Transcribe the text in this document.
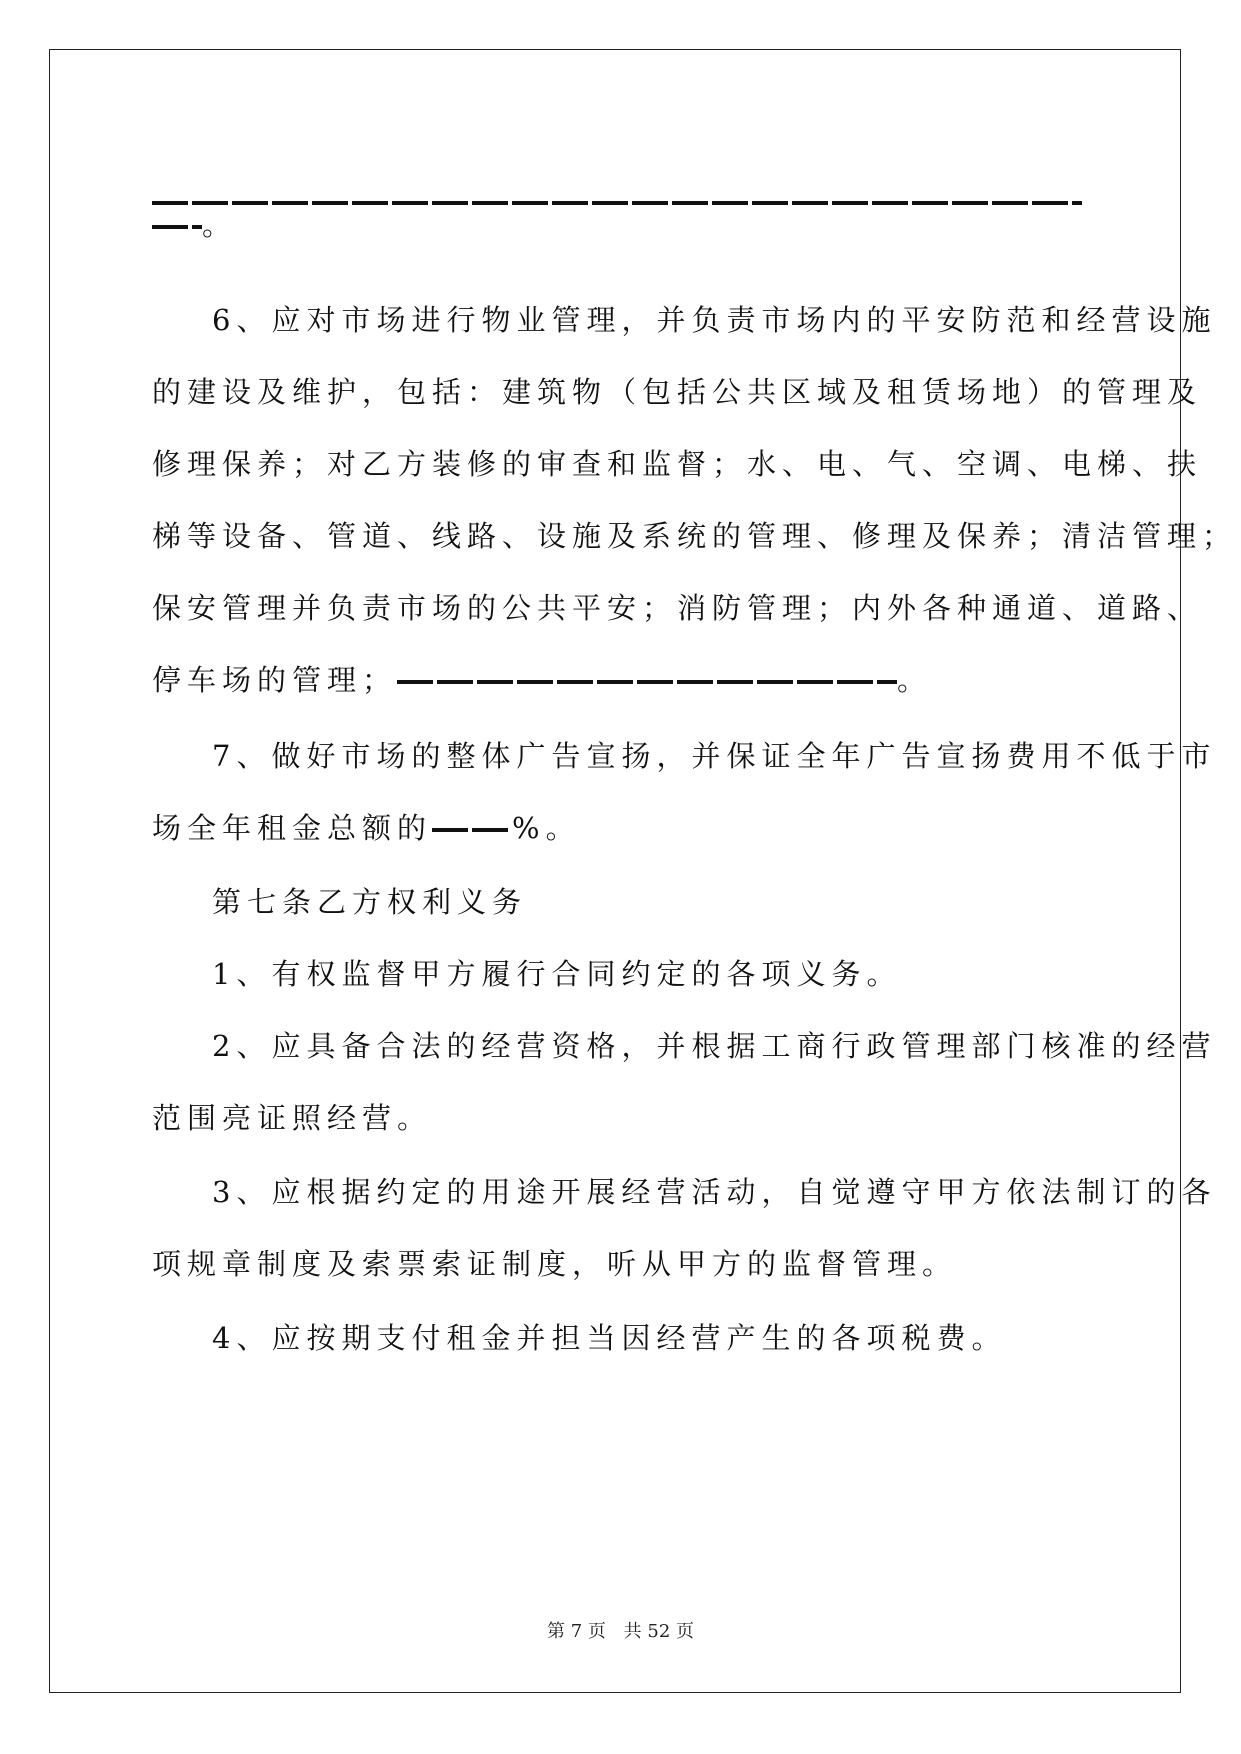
。
6、应对市场进行物业管理，并负责市场内的平安防范和经营设施
的建设及维护，包括：建筑物（包括公共区域及租赁场地）的管理及
修理保养；对乙方装修的审查和监督；水、电、气、空调、电梯、扶
梯等设备、管道、线路、设施及系统的管理、修理及保养；清洁管理；
保安管理并负责市场的公共平安；消防管理；内外各种通道、道路、
停车场的管理；	。
7、做好市场的整体广告宣扬，并保证全年广告宣扬费用不低于市
场全年租金总额的	%。
第七条乙方权利义务
1、有权监督甲方履行合同约定的各项义务。
2、应具备合法的经营资格，并根据工商行政管理部门核准的经营
范围亮证照经营。
3、应根据约定的用途开展经营活动，自觉遵守甲方依法制订的各
项规章制度及索票索证制度，听从甲方的监督管理。
4、应按期支付租金并担当因经营产生的各项税费。
第 7 页 共 52 页
